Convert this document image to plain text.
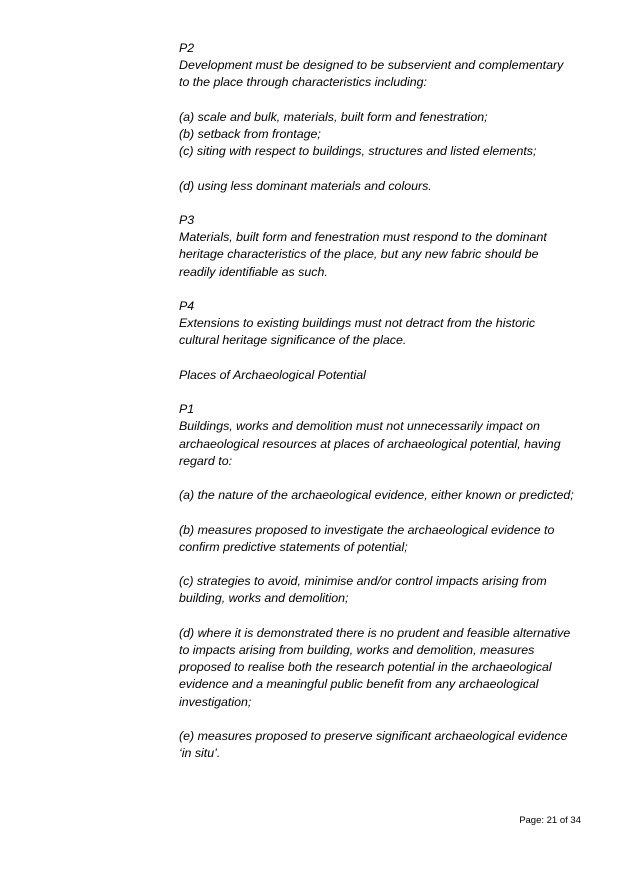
P2

Development must be designed to be subservient and complementary

to the place through characteristics including:

(a) scale and bulk, materials, built form and fenestration;

(b) setback from frontage;

(c) siting with respect to buildings, structures and listed elements;

(d) using less dominant materials and colours.

P3

Materials, built form and fenestration must respond to the dominant

heritage characteristics of the place, but any new fabric should be

readily identifiable as such.

P4

Extensions to existing buildings must not detract from the historic

cultural heritage significance of the place.

Places of Archaeological Potential

P1

Buildings, works and demolition must not unnecessarily impact on

archaeological resources at places of archaeological potential, having

regard to:

(a) the nature of the archaeological evidence, either known or predicted;

(b) measures proposed to investigate the archaeological evidence to

confirm predictive statements of potential;

(c) strategies to avoid, minimise and/or control impacts arising from

building, works and demolition;

(d) where it is demonstrated there is no prudent and feasible alternative

to impacts arising from building, works and demolition, measures

proposed to realise both the research potential in the archaeological

evidence and a meaningful public benefit from any archaeological

investigation;

(e) measures proposed to preserve significant archaeological evidence

‘in situ’.

Page: 21 of 34
